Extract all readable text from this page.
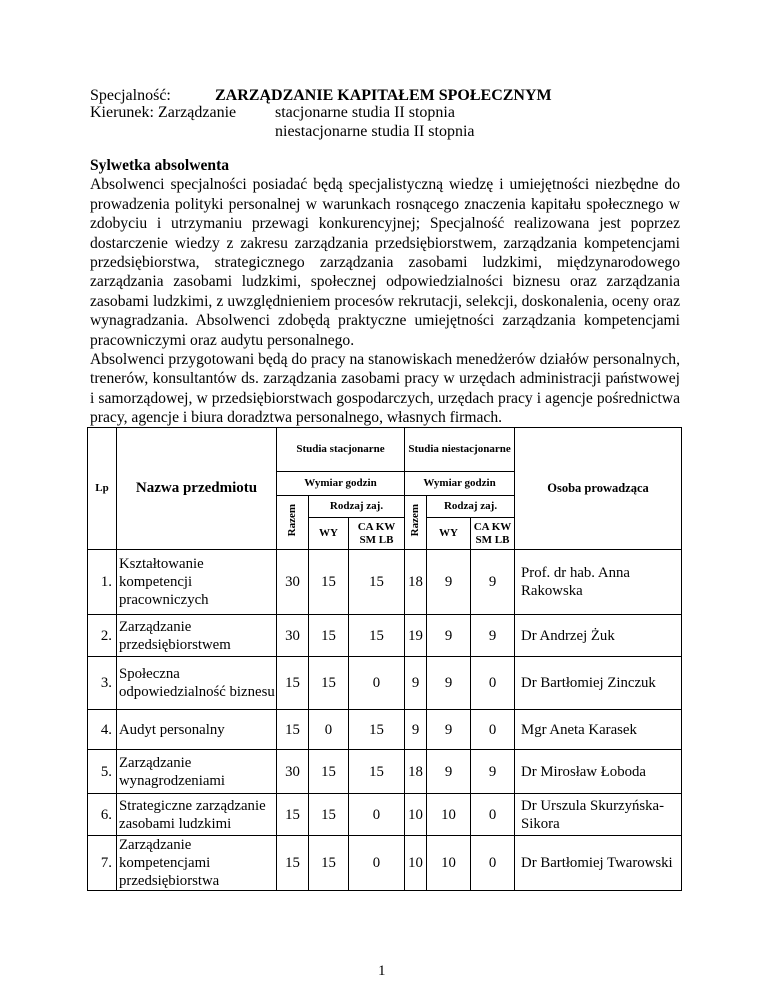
Specjalność:	ZARZĄDZANIE KAPITAŁEM SPOŁECZNYM
Kierunek: Zarządzanie stacjonarne studia II stopnia
niestacjonarne studia II stopnia
Sylwetka absolwenta

Absolwenci specjalności posiadać będą specjalistyczną wiedzę i umiejętności niezbędne do prowadzenia polityki personalnej w warunkach rosnącego znaczenia kapitału społecznego w zdobyciu i utrzymaniu przewagi konkurencyjnej; Specjalność realizowana jest poprzez dostarczenie wiedzy z zakresu zarządzania przedsiębiorstwem, zarządzania kompetencjami przedsiębiorstwa, strategicznego zarządzania zasobami ludzkimi, międzynarodowego zarządzania zasobami ludzkimi, społecznej odpowiedzialności biznesu oraz zarządzania zasobami ludzkimi, z uwzględnieniem procesów rekrutacji, selekcji, doskonalenia, oceny oraz wynagradzania. Absolwenci zdobędą praktyczne umiejętności zarządzania kompetencjami pracowniczymi oraz audytu personalnego.

Absolwenci przygotowani będą do pracy na stanowiskach menedżerów działów personalnych, trenerów, konsultantów ds. zarządzania zasobami pracy w urzędach administracji państwowej i samorządowej, w przedsiębiorstwach gospodarczych, urzędach pracy i agencje pośrednictwa pracy, agencje i biura doradztwa personalnego, własnych firmach.

Lp	Nazwa przedmiotu	Studia stacjonarne			Studia niestacjonarne			Osoba prowadząca
		Wymiar godzin			Wymiar godzin			
		Razem	Rodzaj zaj.		Razem	Rodzaj zaj.		
			WY	CA KW SM LB		WY	CA KW SM LB	
1.	Kształtowanie kompetencji pracowniczych	30	15	15	18	9	9	Prof. dr hab. Anna Rakowska
2.	Zarządzanie przedsiębiorstwem	30	15	15	19	9	9	Dr Andrzej Żuk
3.	Społeczna odpowiedzialność biznesu	15	15	0	9	9	0	Dr Bartłomiej Zinczuk
4.	Audyt personalny	15	0	15	9	9	0	Mgr Aneta Karasek
5.	Zarządzanie wynagrodzeniami	30	15	15	18	9	9	Dr Mirosław Łoboda
6.	Strategiczne zarządzanie zasobami ludzkimi	15	15	0	10	10	0	Dr Urszula Skurzyńska-Sikora
7.	Zarządzanie kompetencjami przedsiębiorstwa	15	15	0	10	10	0	Dr Bartłomiej Twarowski
1
